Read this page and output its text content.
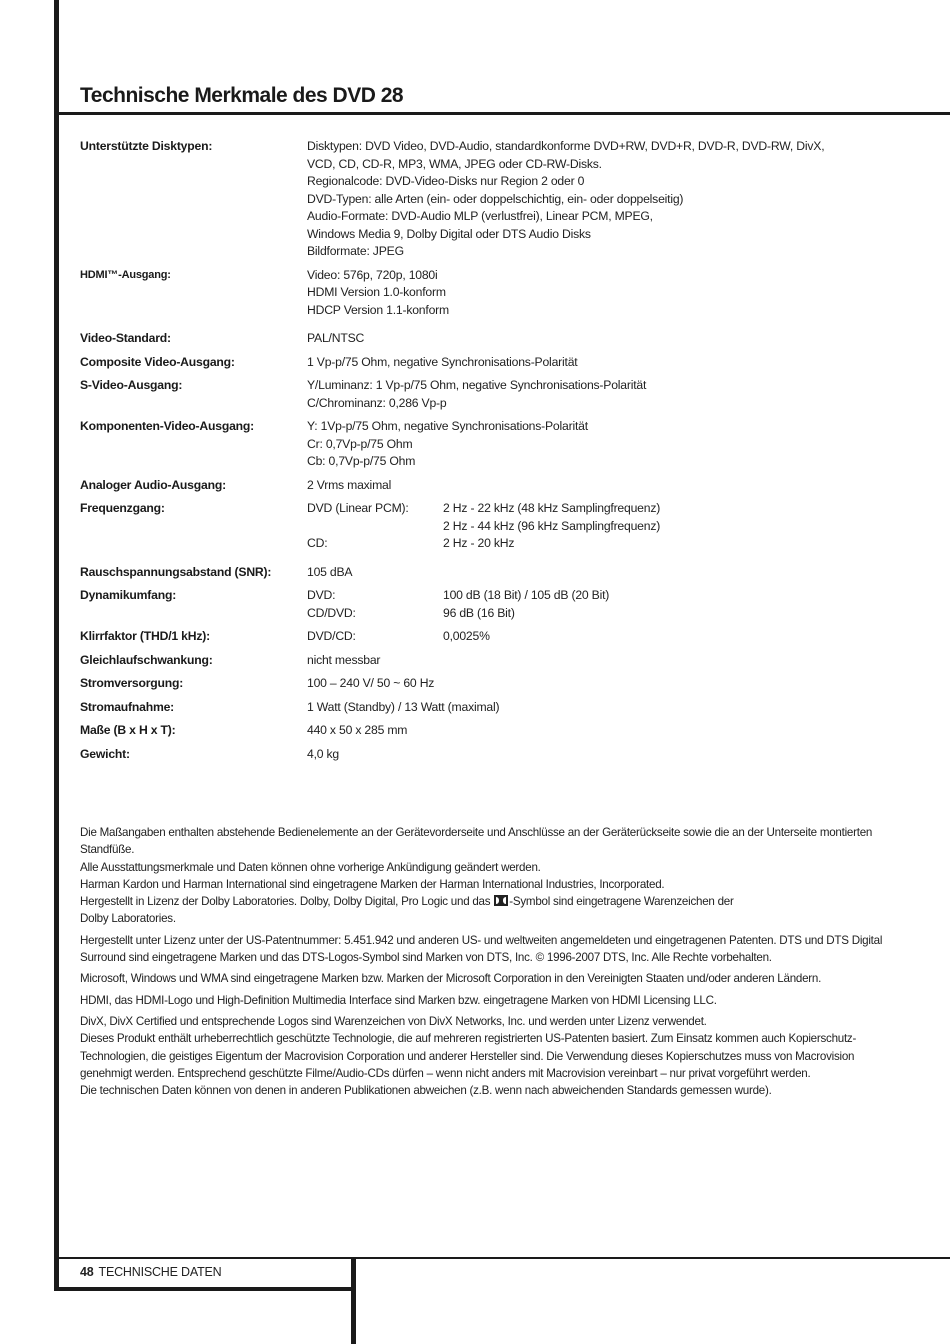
Technische Merkmale des DVD 28
Unterstützte Disktypen:	Disktypen: DVD Video, DVD-Audio, standardkonforme DVD+RW, DVD+R, DVD-R, DVD-RW, DivX,
VCD, CD, CD-R, MP3, WMA, JPEG oder CD-RW-Disks.
Regionalcode: DVD-Video-Disks nur Region 2 oder 0
DVD-Typen: alle Arten (ein- oder doppelschichtig, ein- oder doppelseitig)
Audio-Formate: DVD-Audio MLP (verlustfrei), Linear PCM, MPEG,
Windows Media 9, Dolby Digital oder DTS Audio Disks
Bildformate: JPEG
HDMI™-Ausgang:	Video: 576p, 720p, 1080i
HDMI Version 1.0-konform
HDCP Version 1.1-konform
Video-Standard:	PAL/NTSC
Composite Video-Ausgang:	1 Vp-p/75 Ohm, negative Synchronisations-Polarität
S-Video-Ausgang:	Y/Luminanz: 1 Vp-p/75 Ohm, negative Synchronisations-Polarität
C/Chrominanz: 0,286 Vp-p
Komponenten-Video-Ausgang:	Y: 1Vp-p/75 Ohm, negative Synchronisations-Polarität
Cr: 0,7Vp-p/75 Ohm
Cb: 0,7Vp-p/75 Ohm
Analoger Audio-Ausgang:	2 Vrms maximal
Frequenzgang:	DVD (Linear PCM):	2 Hz - 22 kHz (48 kHz Samplingfrequenz)
2 Hz - 44 kHz (96 kHz Samplingfrequenz)
CD:	2 Hz - 20 kHz
Rauschspannungsabstand (SNR):	105 dBA
Dynamikumfang:	DVD:	100 dB (18 Bit) / 105 dB (20 Bit)
CD/DVD:	96 dB (16 Bit)
Klirrfaktor (THD/1 kHz):	DVD/CD:	0,0025%
Gleichlaufschwankung:	nicht messbar
Stromversorgung:	100 – 240 V/ 50 ~ 60 Hz
Stromaufnahme:	1 Watt (Standby) / 13 Watt (maximal)
Maße (B x H x T):	440 x 50 x 285 mm
Gewicht:	4,0 kg

Die Maßangaben enthalten abstehende Bedienelemente an der Gerätevorderseite und Anschlüsse an der Geräterückseite sowie die an der Unterseite montierten Standfüße.

Alle Ausstattungsmerkmale und Daten können ohne vorherige Ankündigung geändert werden.

Harman Kardon und Harman International sind eingetragene Marken der Harman International Industries, Incorporated.

Hergestellt in Lizenz der Dolby Laboratories. Dolby, Dolby Digital, Pro Logic und das -Symbol sind eingetragene Warenzeichen der
Dolby Laboratories.

Hergestellt unter Lizenz unter der US-Patentnummer: 5.451.942 und anderen US- und weltweiten angemeldeten und eingetragenen Patenten. DTS und DTS Digital Surround sind eingetragene Marken und das DTS-Logos-Symbol sind Marken von DTS, Inc. © 1996-2007 DTS, Inc. Alle Rechte vorbehalten.

Microsoft, Windows und WMA sind eingetragene Marken bzw. Marken der Microsoft Corporation in den Vereinigten Staaten und/oder anderen Ländern.

HDMI, das HDMI-Logo und High-Definition Multimedia Interface sind Marken bzw. eingetragene Marken von HDMI Licensing LLC.

DivX, DivX Certified und entsprechende Logos sind Warenzeichen von DivX Networks, Inc. und werden unter Lizenz verwendet.

Dieses Produkt enthält urheberrechtlich geschützte Technologie, die auf mehreren registrierten US-Patenten basiert. Zum Einsatz kommen auch Kopierschutz-Technologien, die geistiges Eigentum der Macrovision Corporation und anderer Hersteller sind. Die Verwendung dieses Kopierschutzes muss von Macrovision genehmigt werden. Entsprechend geschützte Filme/Audio-CDs dürfen – wenn nicht anders mit Macrovision vereinbart – nur privat vorgeführt werden.

Die technischen Daten können von denen in anderen Publikationen abweichen (z.B. wenn nach abweichenden Standards gemessen wurde).

48 TECHNISCHE DATEN
